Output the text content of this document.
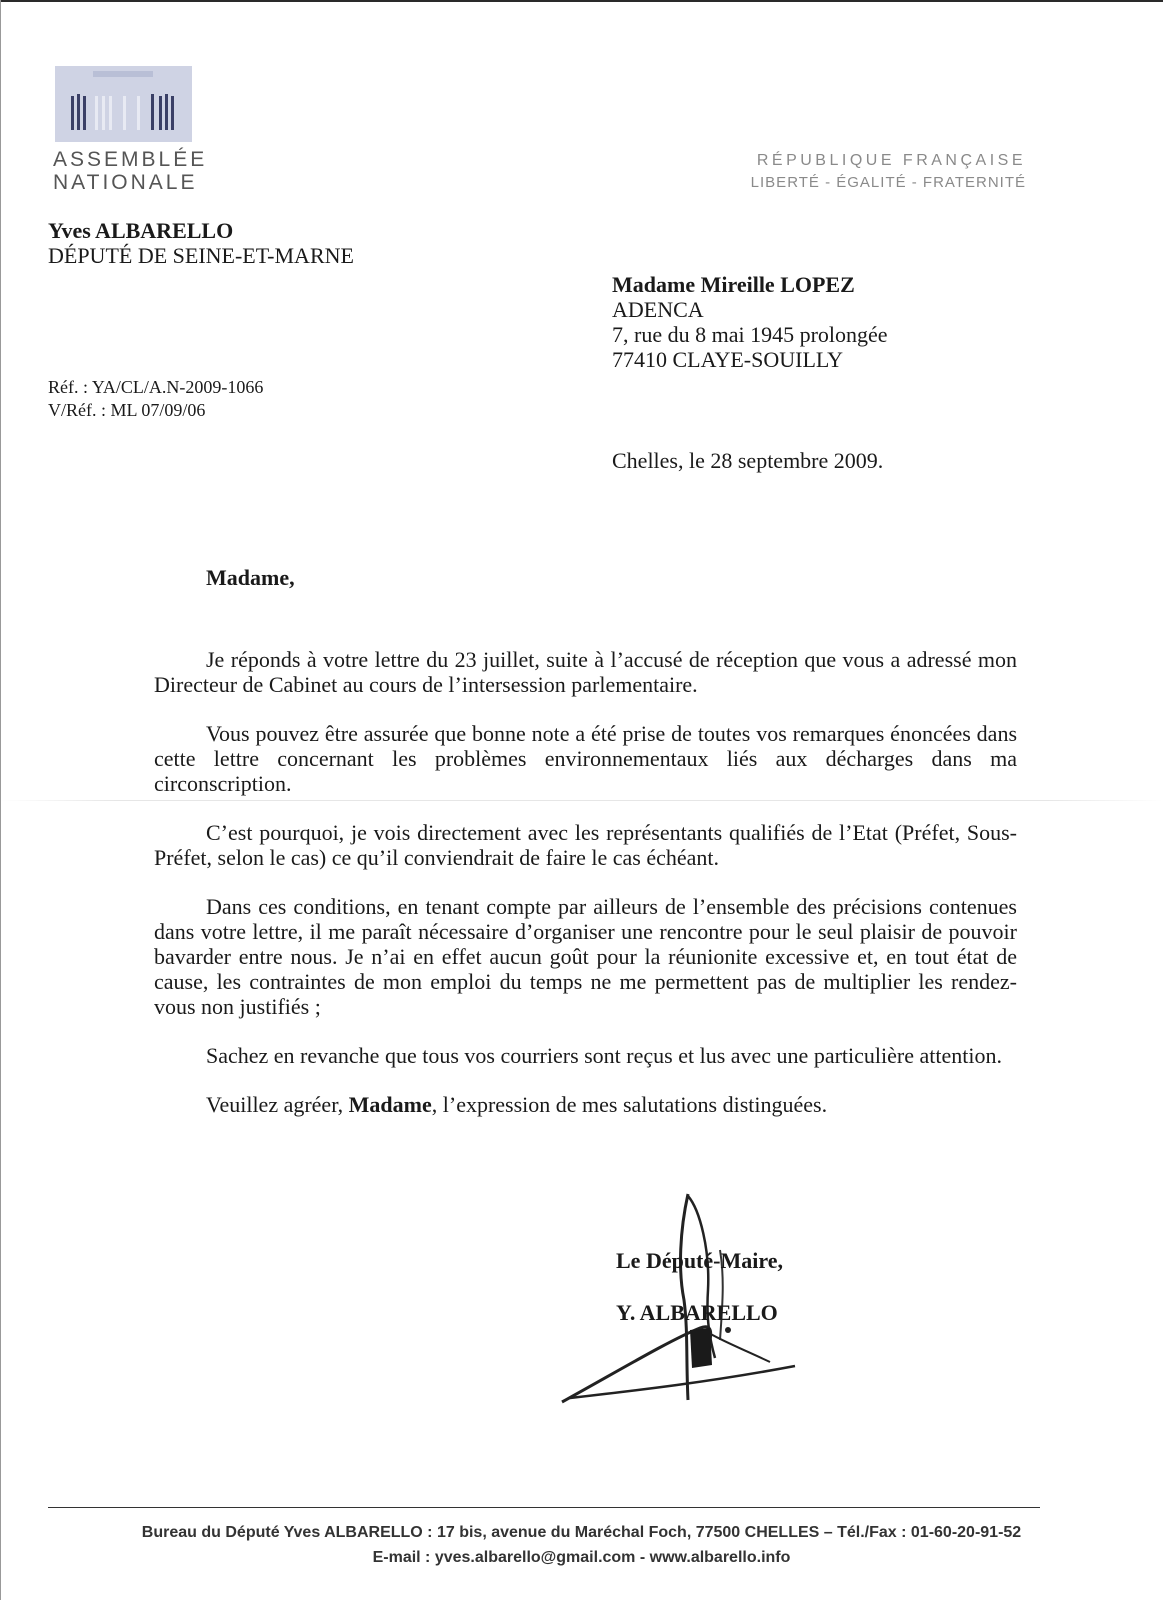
ASSEMBLÉE
NATIONALE
RÉPUBLIQUE FRANÇAISE
LIBERTÉ - ÉGALITÉ - FRATERNITÉ
Yves ALBARELLO
DÉPUTÉ DE SEINE-ET-MARNE
Madame Mireille LOPEZ
ADENCA
7, rue du 8 mai 1945 prolongée
77410 CLAYE-SOUILLY
Réf. : YA/CL/A.N-2009-1066
V/Réf. : ML 07/09/06
Chelles, le 28 septembre 2009.
Madame,

Je réponds à votre lettre du 23 juillet, suite à l’accusé de réception que vous a adressé mon Directeur de Cabinet au cours de l’intersession parlementaire.

Vous pouvez être assurée que bonne note a été prise de toutes vos remarques énoncées dans cette lettre concernant les problèmes environnementaux liés aux décharges dans ma circonscription.

C’est pourquoi, je vois directement avec les représentants qualifiés de l’Etat (Préfet, Sous-Préfet, selon le cas) ce qu’il conviendrait de faire le cas échéant.

Dans ces conditions, en tenant compte par ailleurs de l’ensemble des précisions contenues dans votre lettre, il me paraît nécessaire d’organiser une rencontre pour le seul plaisir de pouvoir bavarder entre nous. Je n’ai en effet aucun goût pour la réunionite excessive et, en tout état de cause, les contraintes de mon emploi du temps ne me permettent pas de multiplier les rendez-vous non justifiés ;

Sachez en revanche que tous vos courriers sont reçus et lus avec une particulière attention.

Veuillez agréer, Madame, l’expression de mes salutations distinguées.

Le Député-Maire,
Y. ALBARELLO
Bureau du Député Yves ALBARELLO : 17 bis, avenue du Maréchal Foch, 77500 CHELLES – Tél./Fax : 01-60-20-91-52
E-mail : yves.albarello@gmail.com - www.albarello.info
